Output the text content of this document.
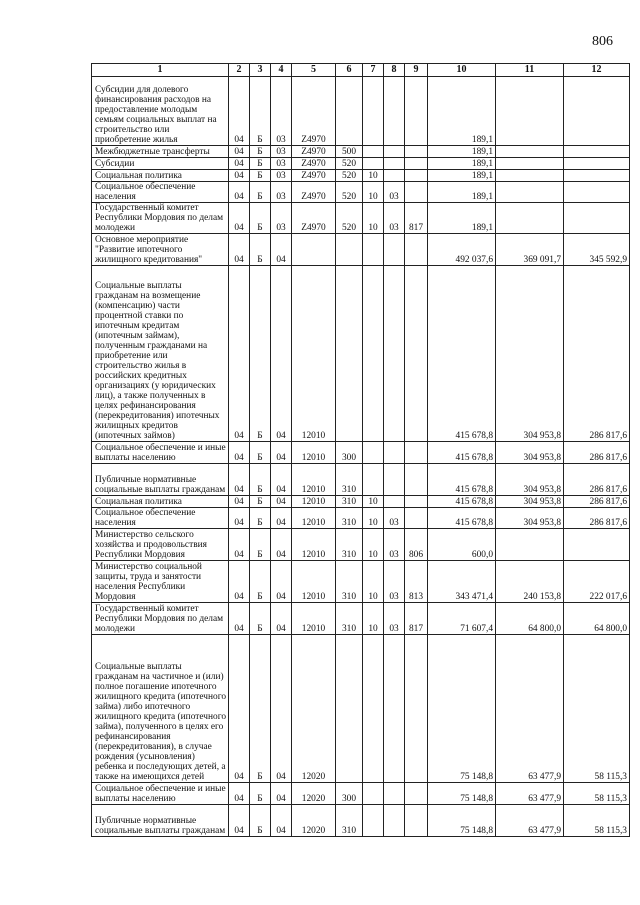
806
1	2	3	4	5	6	7	8	9	10	11	12
Субсидии для долевого финансирования расходов на предоставление молодым семьям социальных выплат на строительство или приобретение жилья	04	Б	03	Z4970					189,1		
Межбюджетные трансферты	04	Б	03	Z4970	500				189,1		
Субсидии	04	Б	03	Z4970	520				189,1		
Социальная политика	04	Б	03	Z4970	520	10			189,1		
Социальное обеспечение населения	04	Б	03	Z4970	520	10	03		189,1		
Государственный комитет Республики Мордовия по делам молодежи	04	Б	03	Z4970	520	10	03	817	189,1		
Основное мероприятие "Развитие ипотечного жилищного кредитования"	04	Б	04						492 037,6	369 091,7	345 592,9
Социальные выплаты гражданам на возмещение (компенсацию) части процентной ставки по ипотечным кредитам (ипотечным займам), полученным гражданами на приобретение или строительство жилья в российских кредитных организациях (у юридических лиц), а также полученных в целях рефинансирования (перекредитования) ипотечных жилищных кредитов (ипотечных займов)	04	Б	04	12010					415 678,8	304 953,8	286 817,6
Социальное обеспечение и иные выплаты населению	04	Б	04	12010	300				415 678,8	304 953,8	286 817,6
Публичные нормативные социальные выплаты гражданам	04	Б	04	12010	310				415 678,8	304 953,8	286 817,6
Социальная политика	04	Б	04	12010	310	10			415 678,8	304 953,8	286 817,6
Социальное обеспечение населения	04	Б	04	12010	310	10	03		415 678,8	304 953,8	286 817,6
Министерство сельского хозяйства и продовольствия Республики Мордовия	04	Б	04	12010	310	10	03	806	600,0		
Министерство социальной защиты, труда и занятости населения Республики Мордовия	04	Б	04	12010	310	10	03	813	343 471,4	240 153,8	222 017,6
Государственный комитет Республики Мордовия по делам молодежи	04	Б	04	12010	310	10	03	817	71 607,4	64 800,0	64 800,0
Социальные выплаты гражданам на частичное и (или) полное погашение ипотечного жилищного кредита (ипотечного займа) либо ипотечного жилищного кредита (ипотечного займа), полученного в целях его рефинансирования (перекредитования), в случае рождения (усыновления) ребенка и последующих детей, а также на имеющихся детей	04	Б	04	12020					75 148,8	63 477,9	58 115,3
Социальное обеспечение и иные выплаты населению	04	Б	04	12020	300				75 148,8	63 477,9	58 115,3
Публичные нормативные социальные выплаты гражданам	04	Б	04	12020	310				75 148,8	63 477,9	58 115,3
